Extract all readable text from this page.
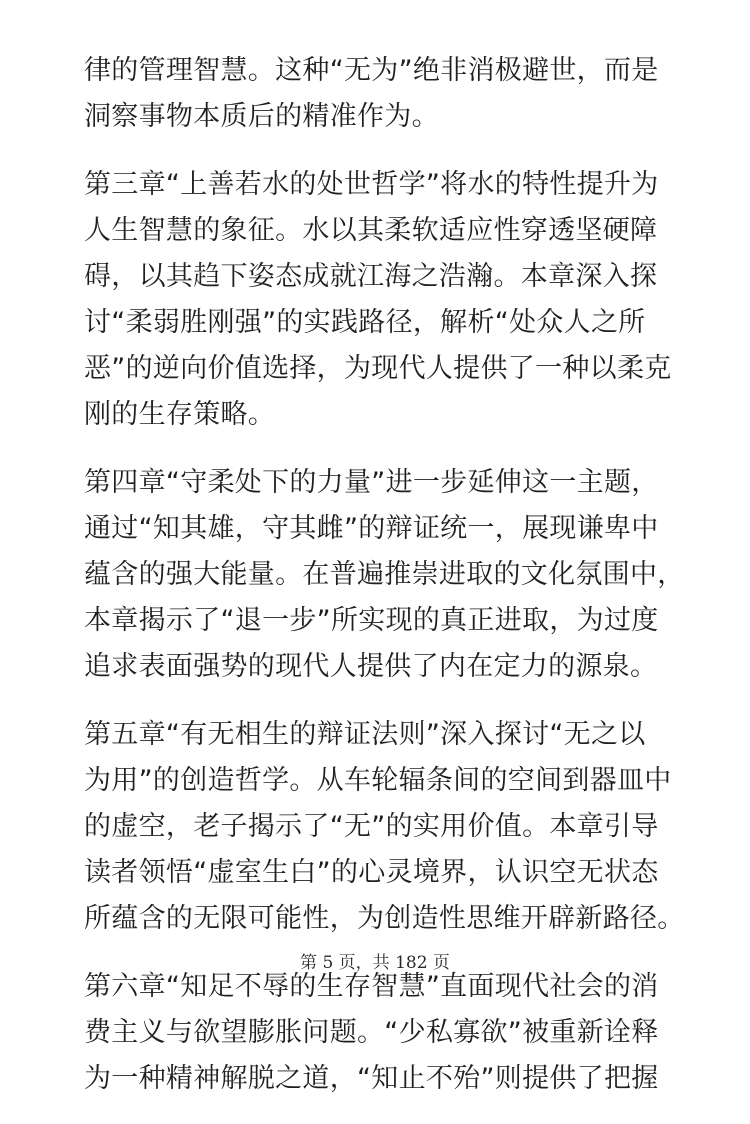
律的管理智慧。这种“无为”绝非消极避世，而是
洞察事物本质后的精准作为。

第三章“上善若水的处世哲学”将水的特性提升为
人生智慧的象征。水以其柔软适应性穿透坚硬障
碍，以其趋下姿态成就江海之浩瀚。本章深入探
讨“柔弱胜刚强”的实践路径，解析“处众人之所
恶”的逆向价值选择，为现代人提供了一种以柔克
刚的生存策略。

第四章“守柔处下的力量”进一步延伸这一主题，
通过“知其雄，守其雌”的辩证统一，展现谦卑中
蕴含的强大能量。在普遍推崇进取的文化氛围中，
本章揭示了“退一步”所实现的真正进取，为过度
追求表面强势的现代人提供了内在定力的源泉。

第五章“有无相生的辩证法则”深入探讨“无之以
为用”的创造哲学。从车轮辐条间的空间到器皿中
的虚空，老子揭示了“无”的实用价值。本章引导
读者领悟“虚室生白”的心灵境界，认识空无状态
所蕴含的无限可能性，为创造性思维开辟新路径。

第六章“知足不辱的生存智慧”直面现代社会的消
费主义与欲望膨胀问题。“少私寡欲”被重新诠释
为一种精神解脱之道，“知止不殆”则提供了把握

第 5 页，共 182 页
